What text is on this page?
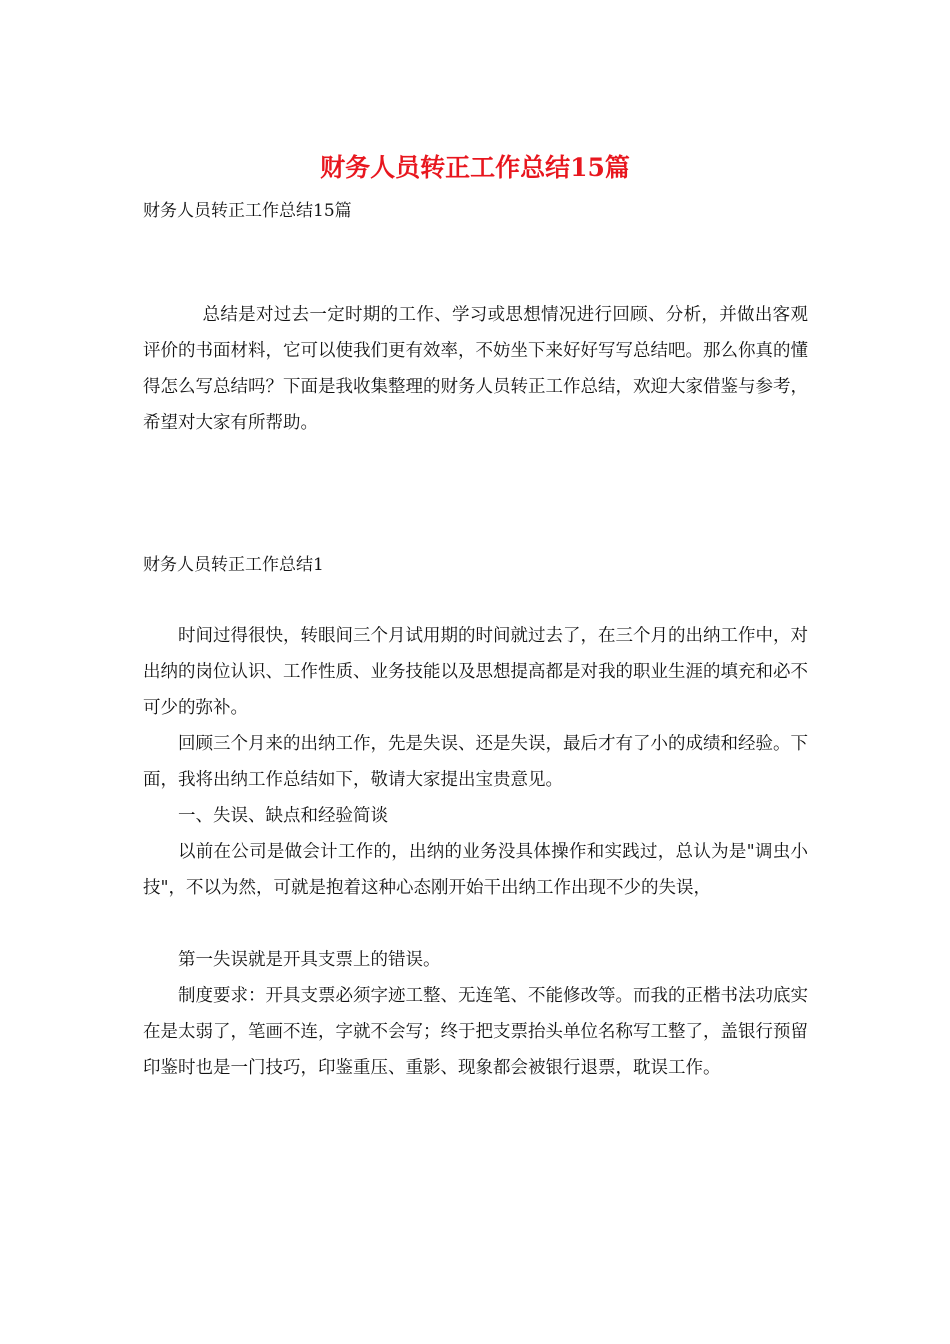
财务人员转正工作总结15篇

财务人员转正工作总结15篇

总结是对过去一定时期的工作、学习或思想情况进行回顾、分析，并做出客观评价的书面材料，它可以使我们更有效率，不妨坐下来好好写写总结吧。那么你真的懂得怎么写总结吗？下面是我收集整理的财务人员转正工作总结，欢迎大家借鉴与参考，希望对大家有所帮助。

财务人员转正工作总结1

时间过得很快，转眼间三个月试用期的时间就过去了，在三个月的出纳工作中，对出纳的岗位认识、工作性质、业务技能以及思想提高都是对我的职业生涯的填充和必不可少的弥补。

回顾三个月来的出纳工作，先是失误、还是失误，最后才有了小的成绩和经验。下面，我将出纳工作总结如下，敬请大家提出宝贵意见。

一、失误、缺点和经验简谈

以前在公司是做会计工作的，出纳的业务没具体操作和实践过，总认为是"调虫小技"，不以为然，可就是抱着这种心态刚开始干出纳工作出现不少的失误，

第一失误就是开具支票上的错误。

制度要求：开具支票必须字迹工整、无连笔、不能修改等。而我的正楷书法功底实在是太弱了，笔画不连，字就不会写；终于把支票抬头单位名称写工整了，盖银行预留印鉴时也是一门技巧，印鉴重压、重影、现象都会被银行退票，耽误工作。
